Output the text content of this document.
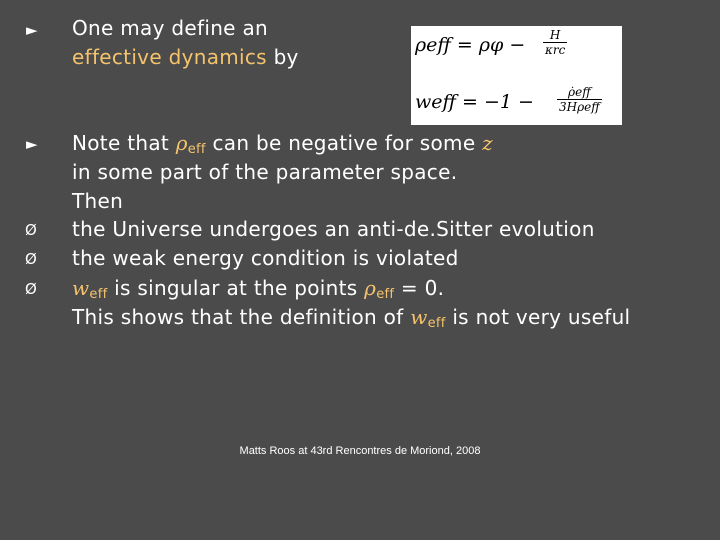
► One may define an
effective dynamics by	ρeff = ρφ −	H
κrc
weff = −1 −	ρ̇eff
3Hρeff
► Note that ρeff can be negative for some z
in some part of the parameter space.
Then
Ø the Universe undergoes an anti-de.Sitter evolution
Ø the weak energy condition is violated
Ø weff is singular at the points ρeff = 0.
This shows that the definition of weff is not very useful
Matts Roos at 43rd Rencontres de Moriond, 2008
